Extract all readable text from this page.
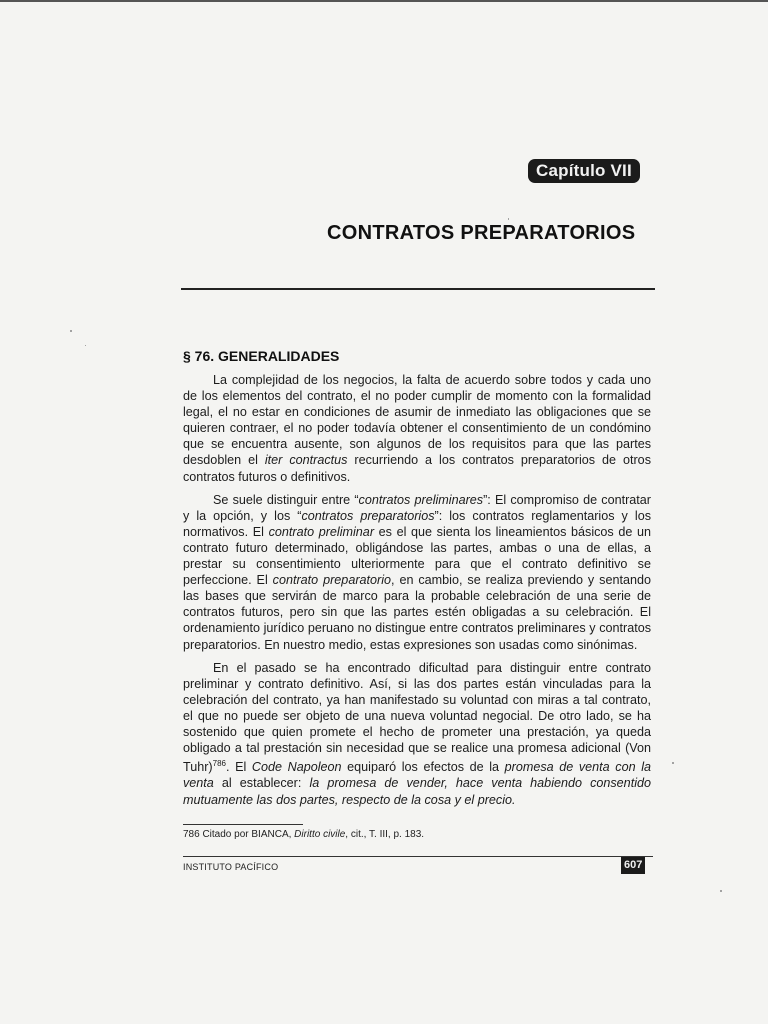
Capítulo VII
CONTRATOS PREPARATORIOS
§ 76. GENERALIDADES

La complejidad de los negocios, la falta de acuerdo sobre todos y cada uno de los elementos del contrato, el no poder cumplir de momento con la formalidad legal, el no estar en condiciones de asumir de inmediato las obligaciones que se quieren contraer, el no poder todavía obtener el consentimiento de un condómino que se encuentra ausente, son algunos de los requisitos para que las partes desdoblen el iter contractus recurriendo a los contratos preparatorios de otros contratos futuros o definitivos.

Se suele distinguir entre “contratos preliminares”: El compromiso de contratar y la opción, y los “contratos preparatorios”: los contratos reglamentarios y los normativos. El contrato preliminar es el que sienta los lineamientos básicos de un contrato futuro determinado, obligándose las partes, ambas o una de ellas, a prestar su consentimiento ulteriormente para que el contrato definitivo se perfeccione. El contrato preparatorio, en cambio, se realiza previendo y sentando las bases que servirán de marco para la probable celebración de una serie de contratos futuros, pero sin que las partes estén obligadas a su celebración. El ordenamiento jurídico peruano no distingue entre contratos preliminares y contratos preparatorios. En nuestro medio, estas expresiones son usadas como sinónimas.

En el pasado se ha encontrado dificultad para distinguir entre contrato preliminar y contrato definitivo. Así, si las dos partes están vinculadas para la celebración del contrato, ya han manifestado su voluntad con miras a tal contrato, el que no puede ser objeto de una nueva voluntad negocial. De otro lado, se ha sostenido que quien promete el hecho de prometer una prestación, ya queda obligado a tal prestación sin necesidad que se realice una promesa adicional (Von Tuhr)$^{786}$. El Code Napoleon equiparó los efectos de la promesa de venta con la venta al establecer: la promesa de vender, hace venta habiendo consentido mutuamente las dos partes, respecto de la cosa y el precio.

786 Citado por BIANCA, Diritto civile, cit., T. III, p. 183.
INSTITUTO PACÍFICO	607
